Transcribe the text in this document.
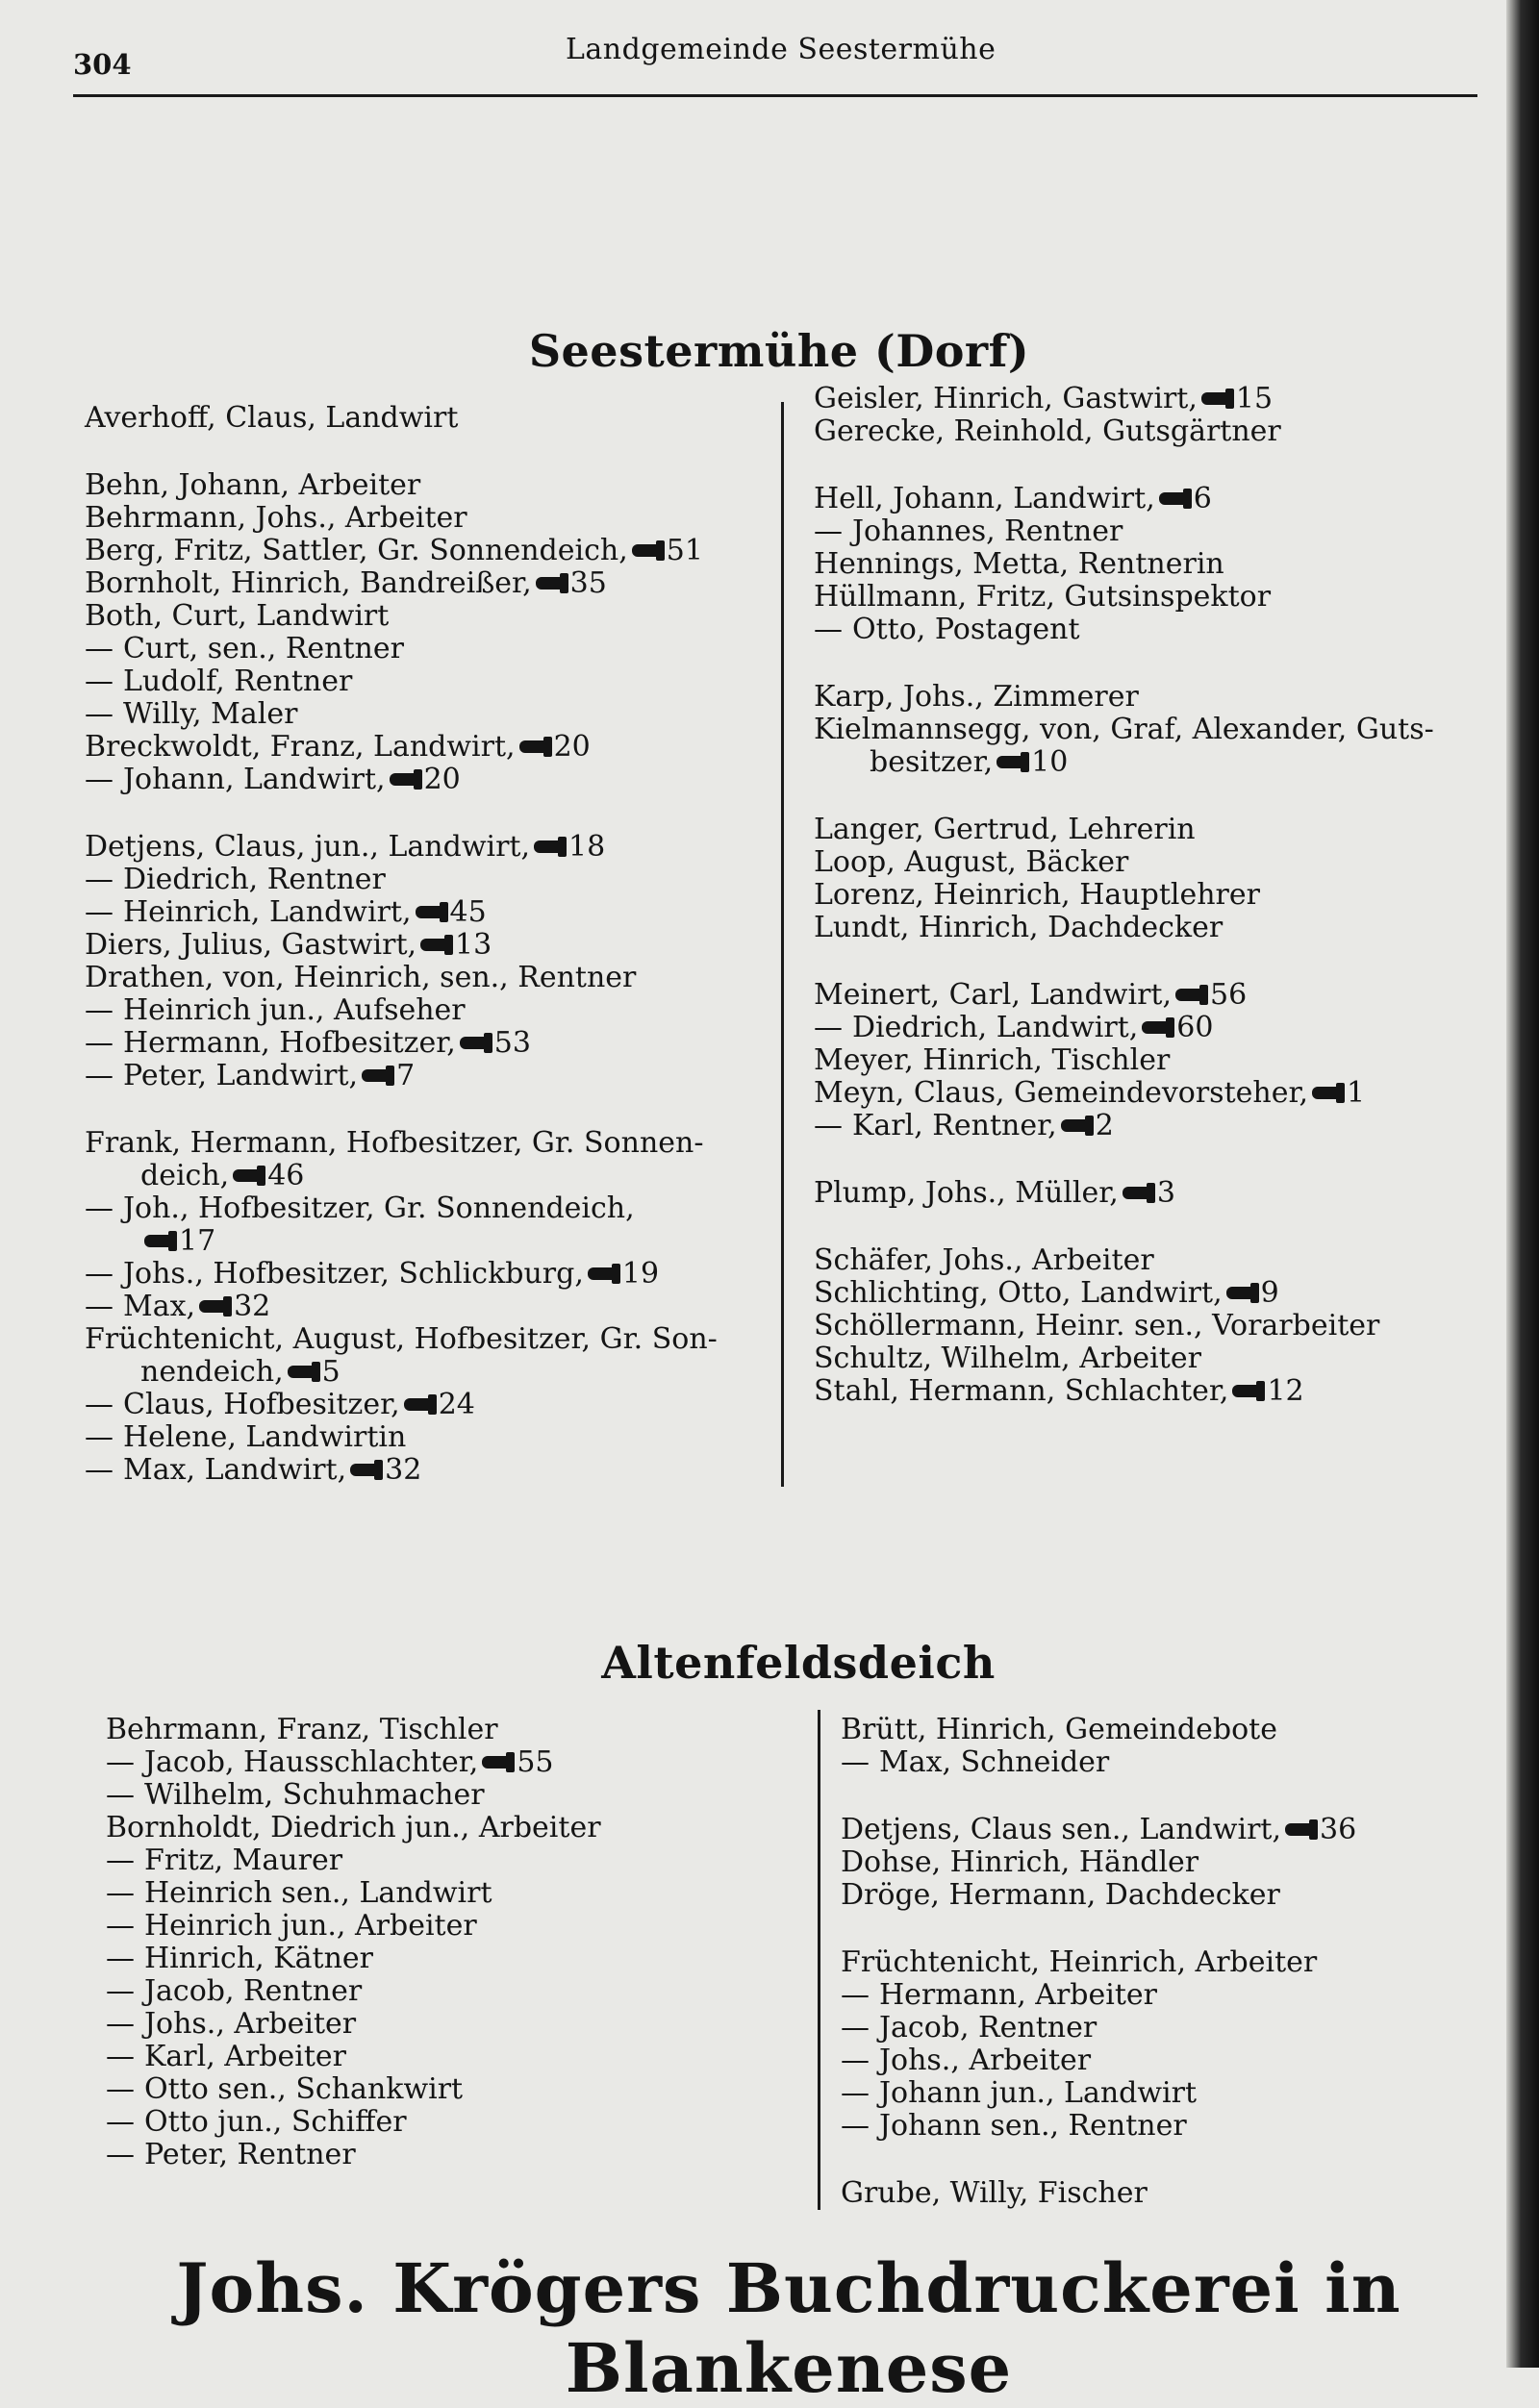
304	Landgemeinde Seestermühe
Seestermühe (Dorf)
Averhoff, Claus, Landwirt
Behn, Johann, Arbeiter
Behrmann, Johs., Arbeiter
Berg, Fritz, Sattler, Gr. Sonnendeich, 51
Bornholt, Hinrich, Bandreißer, 35
Both, Curt, Landwirt
— Curt, sen., Rentner
— Ludolf, Rentner
— Willy, Maler
Breckwoldt, Franz, Landwirt, 20
— Johann, Landwirt, 20
Detjens, Claus, jun., Landwirt, 18
— Diedrich, Rentner
— Heinrich, Landwirt, 45
Diers, Julius, Gastwirt, 13
Drathen, von, Heinrich, sen., Rentner
— Heinrich jun., Aufseher
— Hermann, Hofbesitzer, 53
— Peter, Landwirt, 7
Frank, Hermann, Hofbesitzer, Gr. Sonnen-
deich, 46
— Joh., Hofbesitzer, Gr. Sonnendeich,
17
— Johs., Hofbesitzer, Schlickburg, 19
— Max, 32
Früchtenicht, August, Hofbesitzer, Gr. Son-
nendeich, 5
— Claus, Hofbesitzer, 24
— Helene, Landwirtin
— Max, Landwirt, 32
Geisler, Hinrich, Gastwirt, 15
Gerecke, Reinhold, Gutsgärtner
Hell, Johann, Landwirt, 6
— Johannes, Rentner
Hennings, Metta, Rentnerin
Hüllmann, Fritz, Gutsinspektor
— Otto, Postagent
Karp, Johs., Zimmerer
Kielmannsegg, von, Graf, Alexander, Guts-
besitzer, 10
Langer, Gertrud, Lehrerin
Loop, August, Bäcker
Lorenz, Heinrich, Hauptlehrer
Lundt, Hinrich, Dachdecker
Meinert, Carl, Landwirt, 56
— Diedrich, Landwirt, 60
Meyer, Hinrich, Tischler
Meyn, Claus, Gemeindevorsteher, 1
— Karl, Rentner, 2
Plump, Johs., Müller, 3
Schäfer, Johs., Arbeiter
Schlichting, Otto, Landwirt, 9
Schöllermann, Heinr. sen., Vorarbeiter
Schultz, Wilhelm, Arbeiter
Stahl, Hermann, Schlachter, 12
Altenfeldsdeich
Behrmann, Franz, Tischler
— Jacob, Hausschlachter, 55
— Wilhelm, Schuhmacher
Bornholdt, Diedrich jun., Arbeiter
— Fritz, Maurer
— Heinrich sen., Landwirt
— Heinrich jun., Arbeiter
— Hinrich, Kätner
— Jacob, Rentner
— Johs., Arbeiter
— Karl, Arbeiter
— Otto sen., Schankwirt
— Otto jun., Schiffer
— Peter, Rentner
Brütt, Hinrich, Gemeindebote
— Max, Schneider
Detjens, Claus sen., Landwirt, 36
Dohse, Hinrich, Händler
Dröge, Hermann, Dachdecker
Früchtenicht, Heinrich, Arbeiter
— Hermann, Arbeiter
— Jacob, Rentner
— Johs., Arbeiter
— Johann jun., Landwirt
— Johann sen., Rentner
Grube, Willy, Fischer
Johs. Krögers Buchdruckerei in Blankenese
